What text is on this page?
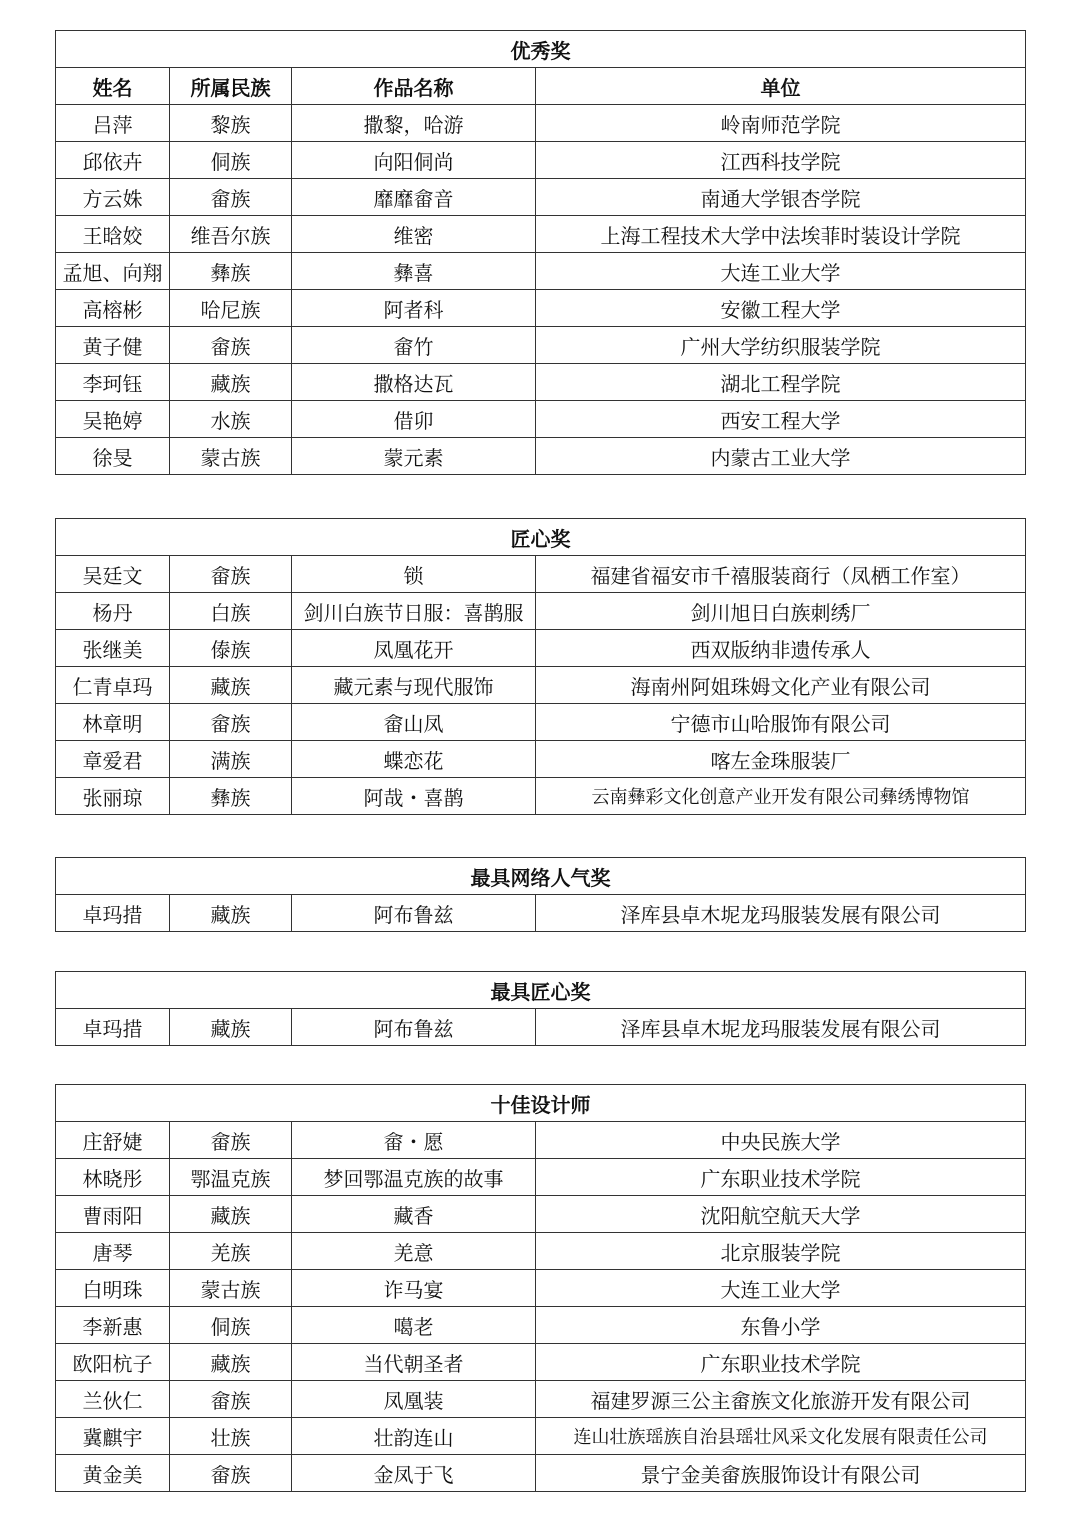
优秀奖			
姓名	所属民族	作品名称	单位
吕萍	黎族	撒黎，哈游	岭南师范学院
邱依卉	侗族	向阳侗尚	江西科技学院
方云姝	畲族	靡靡畲音	南通大学银杏学院
王晗姣	维吾尔族	维密	上海工程技术大学中法埃菲时装设计学院
孟旭、向翔	彝族	彝喜	大连工业大学
高榕彬	哈尼族	阿者科	安徽工程大学
黄子健	畲族	畲竹	广州大学纺织服装学院
李珂钰	藏族	撒格达瓦	湖北工程学院
吴艳婷	水族	借卯	西安工程大学
徐旻	蒙古族	蒙元素	内蒙古工业大学
匠心奖			
吴廷文	畲族	锁	福建省福安市千禧服装商行（凤栖工作室）
杨丹	白族	剑川白族节日服：喜鹊服	剑川旭日白族刺绣厂
张继美	傣族	凤凰花开	西双版纳非遗传承人
仁青卓玛	藏族	藏元素与现代服饰	海南州阿姐珠姆文化产业有限公司
林章明	畲族	畲山凤	宁德市山哈服饰有限公司
章爱君	满族	蝶恋花	喀左金珠服装厂
张丽琼	彝族	阿哉・喜鹊	云南彝彩文化创意产业开发有限公司彝绣博物馆
最具网络人气奖
卓玛措	藏族	阿布鲁兹	泽库县卓木坭龙玛服装发展有限公司
最具匠心奖
卓玛措	藏族	阿布鲁兹	泽库县卓木坭龙玛服装发展有限公司
十佳设计师			
庄舒婕	畲族	畲・愿	中央民族大学
林晓彤	鄂温克族	梦回鄂温克族的故事	广东职业技术学院
曹雨阳	藏族	藏香	沈阳航空航天大学
唐琴	羌族	羌意	北京服装学院
白明珠	蒙古族	诈马宴	大连工业大学
李新惠	侗族	噶老	东鲁小学
欧阳杭子	藏族	当代朝圣者	广东职业技术学院
兰伙仁	畲族	凤凰装	福建罗源三公主畲族文化旅游开发有限公司
冀麒宇	壮族	壮韵连山	连山壮族瑶族自治县瑶壮风采文化发展有限责任公司
黄金美	畲族	金凤于飞	景宁金美畲族服饰设计有限公司
